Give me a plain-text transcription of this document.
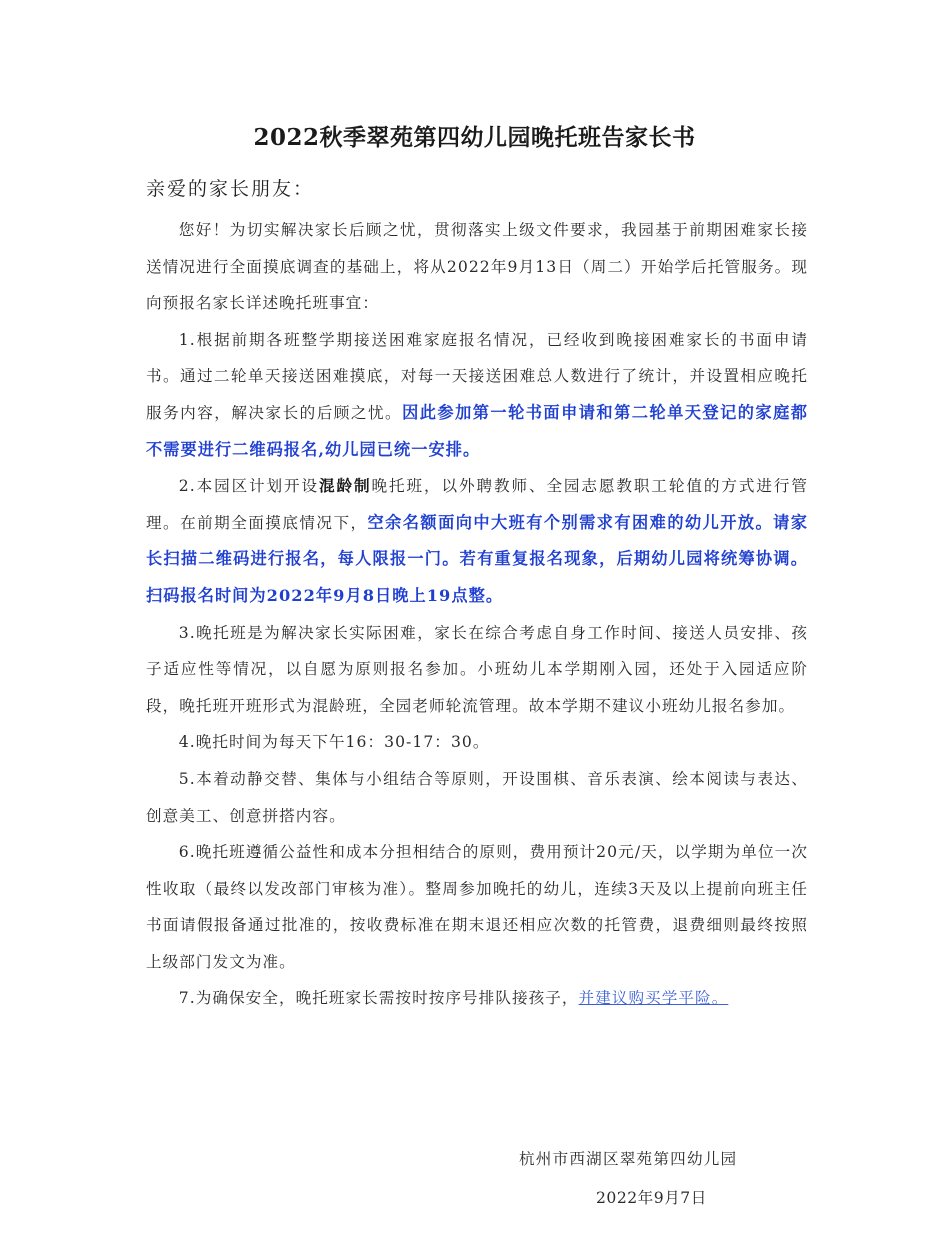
2022秋季翠苑第四幼儿园晚托班告家长书
亲爱的家长朋友：

您好！为切实解决家长后顾之忧，贯彻落实上级文件要求，我园基于前期困难家长接送情况进行全面摸底调查的基础上，将从2022年9月13日（周二）开始学后托管服务。现向预报名家长详述晚托班事宜：

1.根据前期各班整学期接送困难家庭报名情况，已经收到晚接困难家长的书面申请书。通过二轮单天接送困难摸底，对每一天接送困难总人数进行了统计，并设置相应晚托服务内容，解决家长的后顾之忧。因此参加第一轮书面申请和第二轮单天登记的家庭都不需要进行二维码报名,幼儿园已统一安排。

2.本园区计划开设混龄制晚托班，以外聘教师、全园志愿教职工轮值的方式进行管理。在前期全面摸底情况下，空余名额面向中大班有个别需求有困难的幼儿开放。请家长扫描二维码进行报名，每人限报一门。若有重复报名现象，后期幼儿园将统筹协调。扫码报名时间为2022年9月8日晚上19点整。

3.晚托班是为解决家长实际困难，家长在综合考虑自身工作时间、接送人员安排、孩子适应性等情况，以自愿为原则报名参加。小班幼儿本学期刚入园，还处于入园适应阶段，晚托班开班形式为混龄班，全园老师轮流管理。故本学期不建议小班幼儿报名参加。

4.晚托时间为每天下午16：30-17：30。

5.本着动静交替、集体与小组结合等原则，开设围棋、音乐表演、绘本阅读与表达、创意美工、创意拼搭内容。

6.晚托班遵循公益性和成本分担相结合的原则，费用预计20元/天，以学期为单位一次性收取（最终以发改部门审核为准）。整周参加晚托的幼儿，连续3天及以上提前向班主任书面请假报备通过批准的，按收费标准在期末退还相应次数的托管费，退费细则最终按照上级部门发文为准。

7.为确保安全，晚托班家长需按时按序号排队接孩子，并建议购买学平险。

杭州市西湖区翠苑第四幼儿园
2022年9月7日
